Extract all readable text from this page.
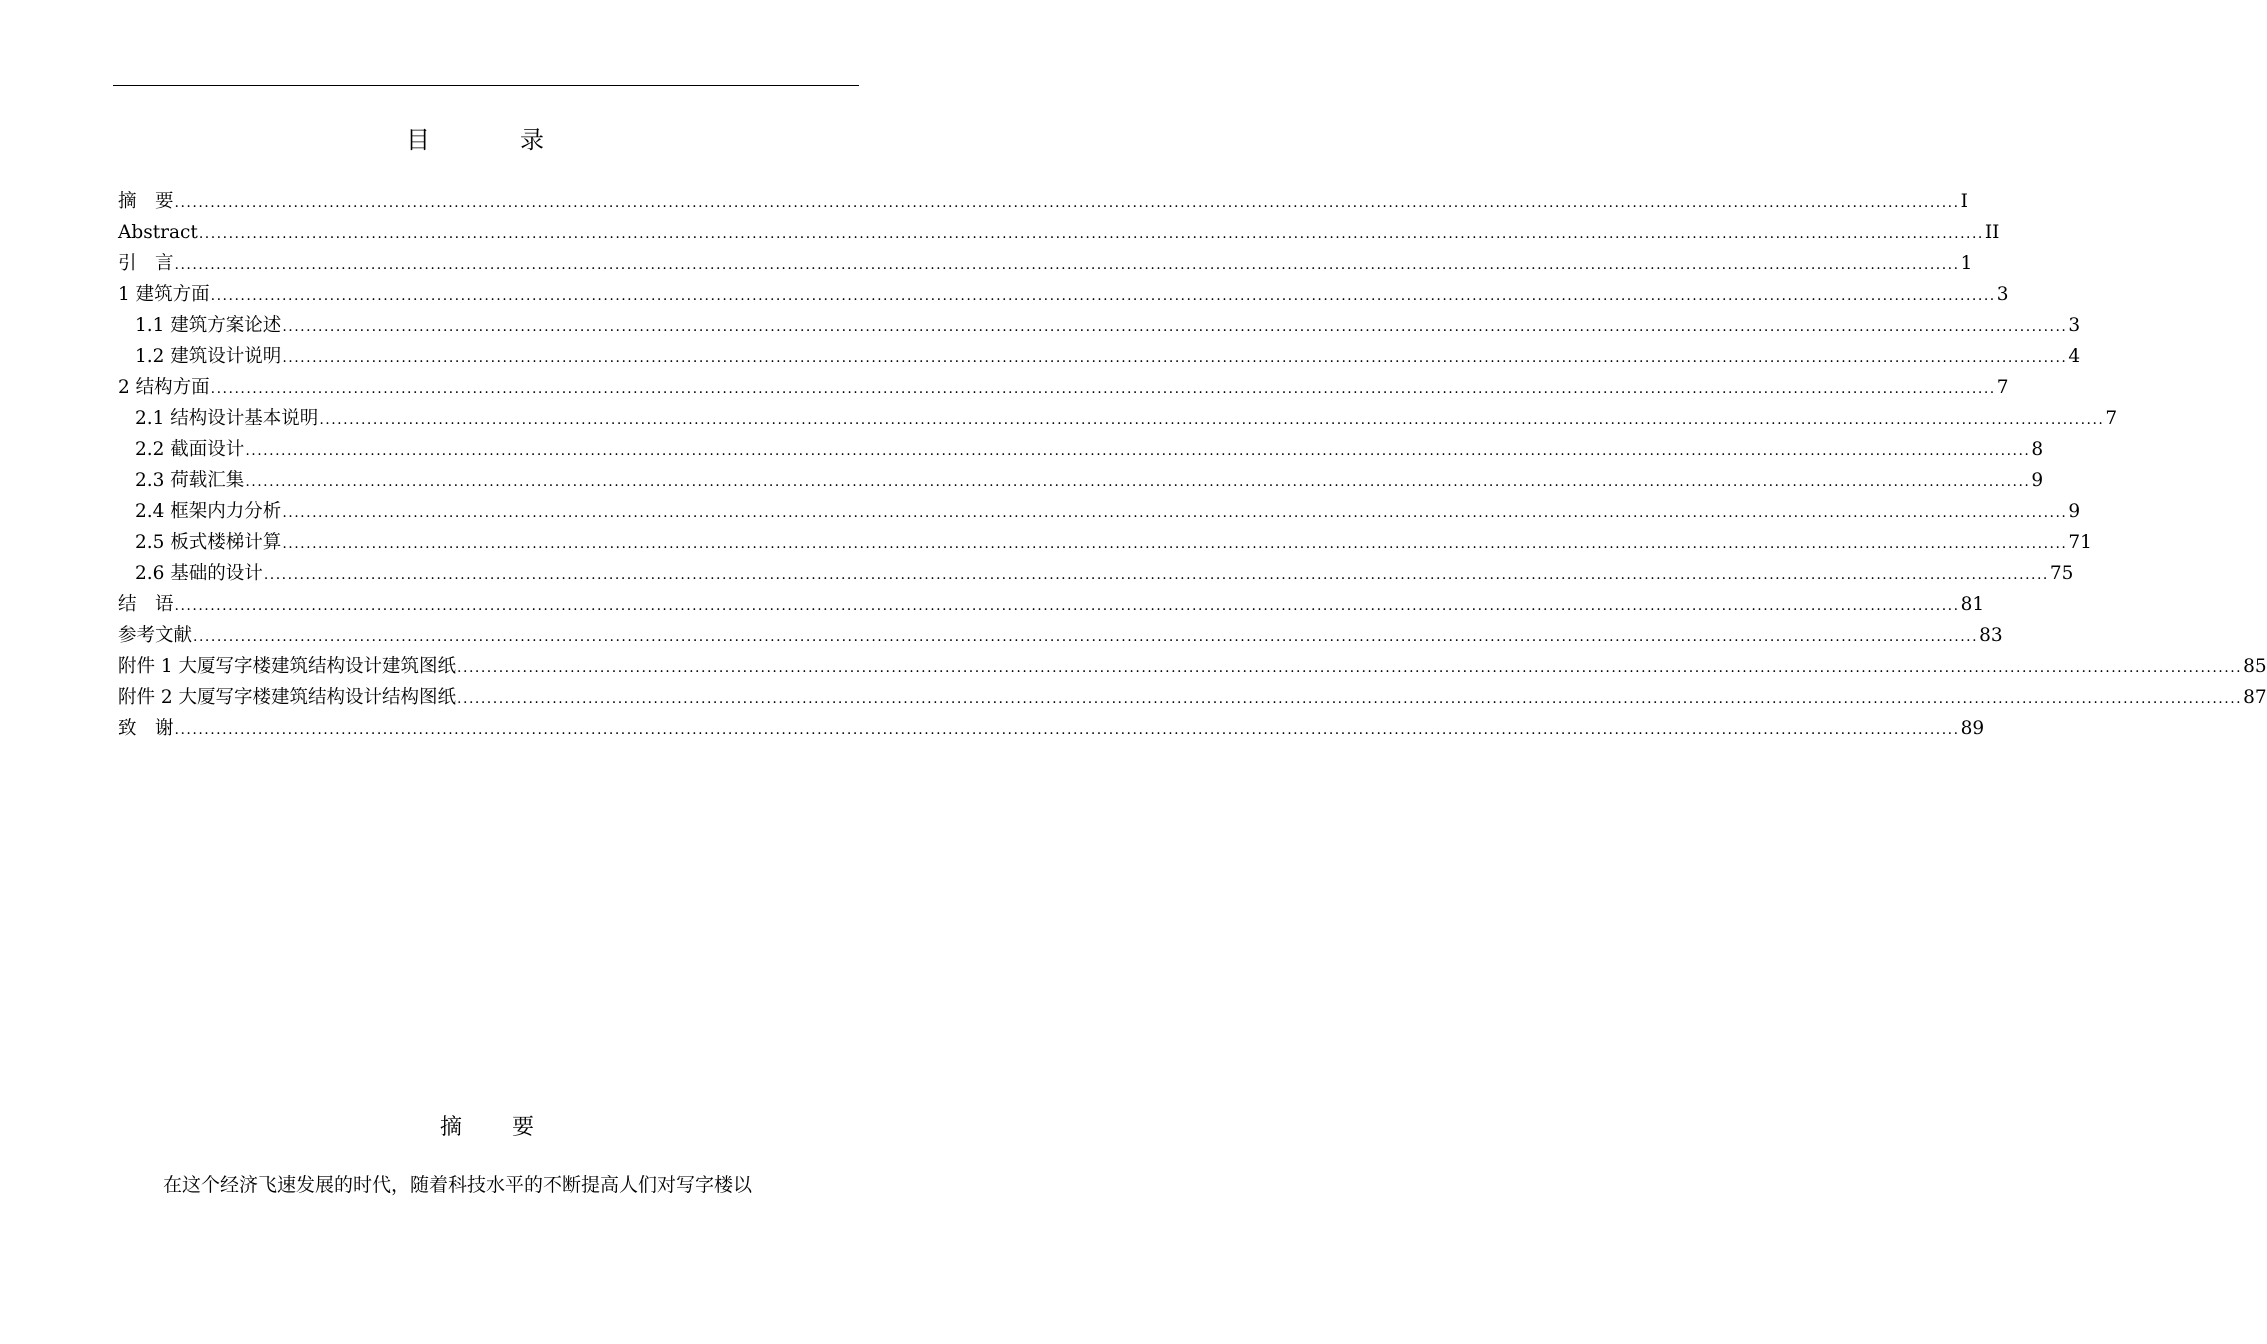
目	录
摘　要 ............................................................................................................................................................................................................................................................................................................ I
Abstract ............................................................................................................................................................................................................................................................................................................ II
引　言 ............................................................................................................................................................................................................................................................................................................ 1
1 建筑方面 ............................................................................................................................................................................................................................................................................................................ 3
1.1 建筑方案论述 ............................................................................................................................................................................................................................................................................................................ 3
1.2 建筑设计说明 ............................................................................................................................................................................................................................................................................................................ 4
2 结构方面 ............................................................................................................................................................................................................................................................................................................ 7
2.1 结构设计基本说明 ............................................................................................................................................................................................................................................................................................................ 7
2.2 截面设计 ............................................................................................................................................................................................................................................................................................................ 8
2.3 荷载汇集 ............................................................................................................................................................................................................................................................................................................ 9
2.4 框架内力分析 ............................................................................................................................................................................................................................................................................................................ 9
2.5 板式楼梯计算 ............................................................................................................................................................................................................................................................................................................ 71
2.6 基础的设计 ............................................................................................................................................................................................................................................................................................................ 75
结　语 ............................................................................................................................................................................................................................................................................................................ 81
参考文献 ............................................................................................................................................................................................................................................................................................................ 83
附件 1 大厦写字楼建筑结构设计建筑图纸 ............................................................................................................................................................................................................................................................................................................ 85
附件 2 大厦写字楼建筑结构设计结构图纸 ............................................................................................................................................................................................................................................................................................................ 87
致　谢 ............................................................................................................................................................................................................................................................................................................ 89
摘 要
在这个经济飞速发展的时代，随着科技水平的不断提高人们对写字楼以
